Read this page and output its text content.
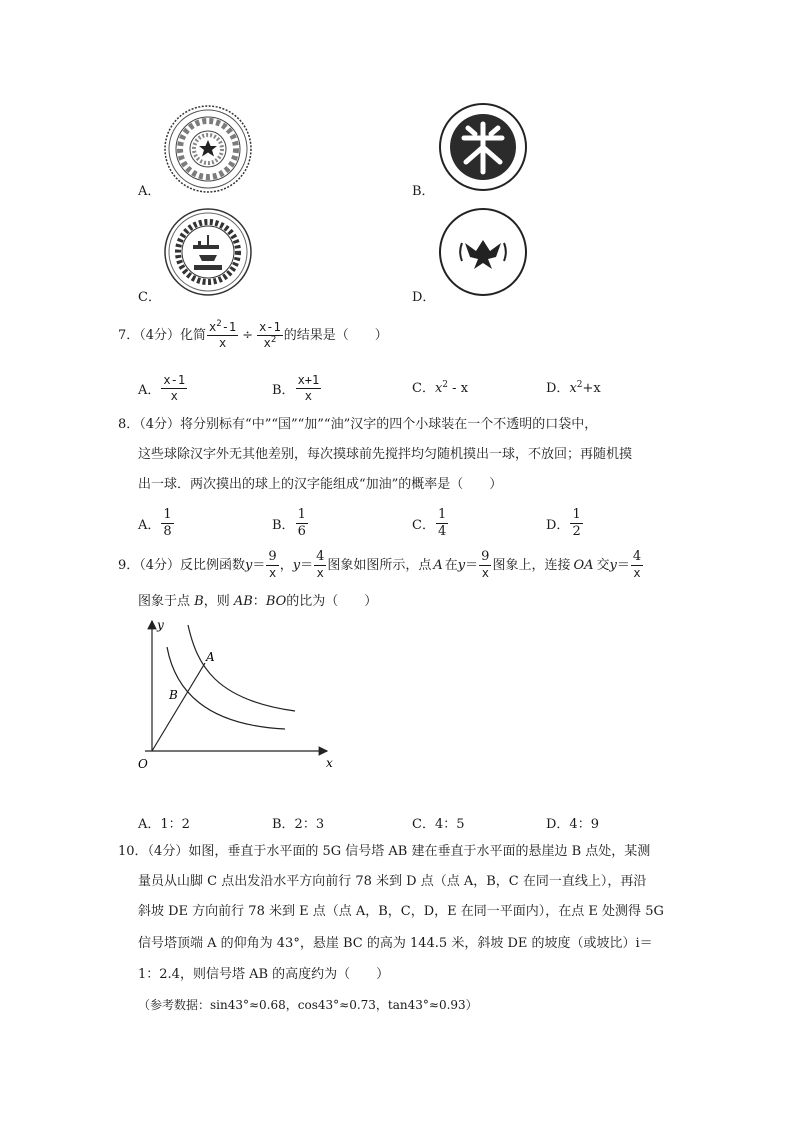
A．	B．
C．	D．
7．（4分）化简 $\frac{x^2-1}{x} \div \frac{x-1}{x^2}$ 的结果是（　　）
A． $\frac{x-1}{x}$	B． $\frac{x+1}{x}$	C．$x^2$ - x	D．$x^2+x$
8．（4分）将分别标有“中”“国”“加”“油”汉字的四个小球装在一个不透明的口袋中，
这些球除汉字外无其他差别，每次摸球前先搅拌均匀随机摸出一球，不放回；再随机摸
出一球．两次摸出的球上的汉字能组成“加油”的概率是（　　）
A． $\frac{1}{8}$	B． $\frac{1}{6}$	C． $\frac{1}{4}$	D． $\frac{1}{2}$
9．（4分）反比例函数 $y = \frac{9}{x}$ ， $y = \frac{4}{x}$ 图象如图所示，点 A 在 $y = \frac{9}{x}$ 图象上，连接 OA 交 $y = \frac{4}{x}$
图象于点 B，则 AB：BO的比为（　　）
y
x
O
A
B
A．1：2	B．2：3	C．4：5	D．4：9
10．（4分）如图，垂直于水平面的 5G 信号塔 AB 建在垂直于水平面的悬崖边 B 点处，某测
量员从山脚 C 点出发沿水平方向前行 78 米到 D 点（点 A，B，C 在同一直线上），再沿
斜坡 DE 方向前行 78 米到 E 点（点 A，B，C，D，E 在同一平面内），在点 E 处测得 5G
信号塔顶端 A 的仰角为 43°，悬崖 BC 的高为 144.5 米，斜坡 DE 的坡度（或坡比）i＝
1：2.4，则信号塔 AB 的高度约为（　　）
（参考数据：sin43°≈0.68，cos43°≈0.73，tan43°≈0.93）
